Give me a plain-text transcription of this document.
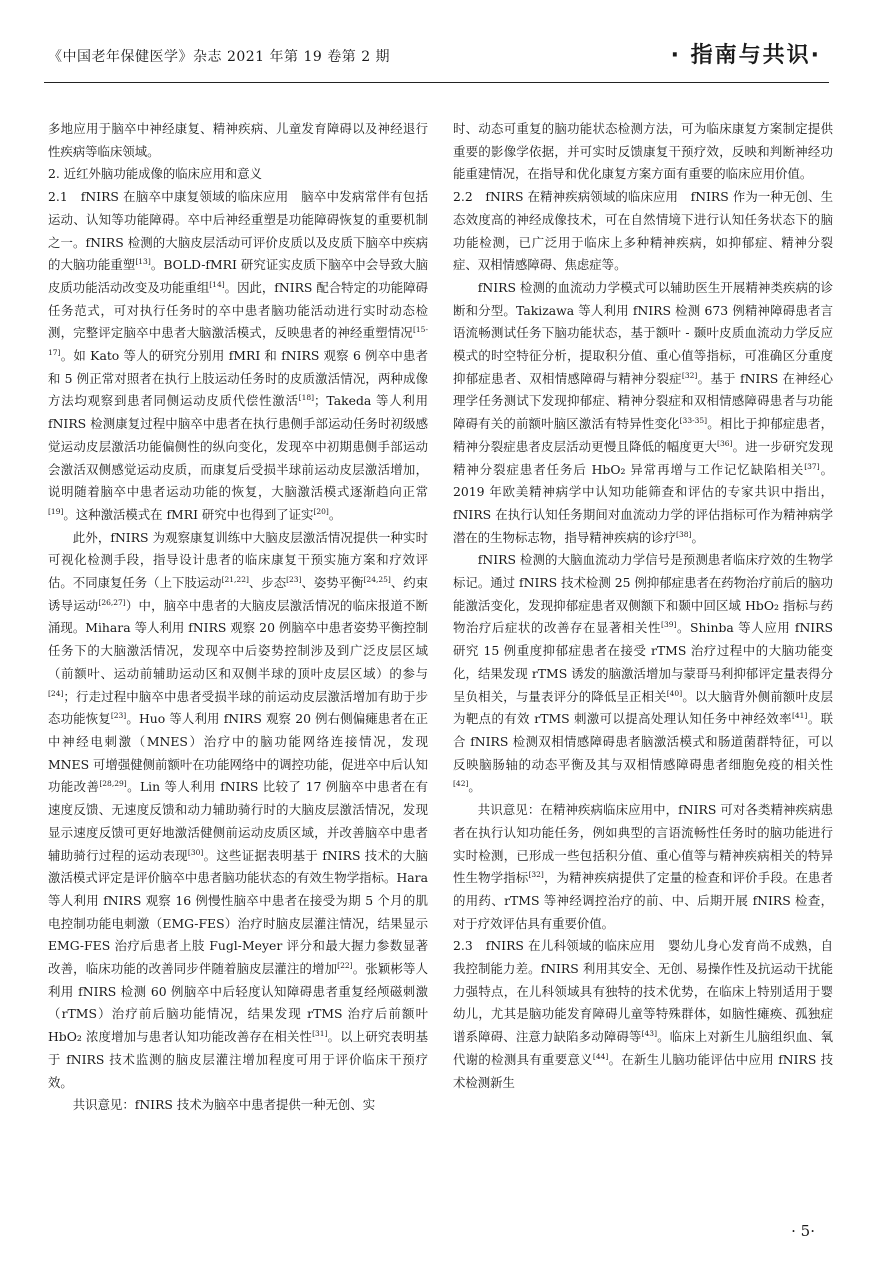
《中国老年保健医学》杂志 2021 年第 19 卷第 2 期	· 指南与共识·

多地应用于脑卒中神经康复、精神疾病、儿童发育障碍以及神经退行性疾病等临床领域。

2. 近红外脑功能成像的临床应用和意义

2.1　fNIRS 在脑卒中康复领域的临床应用　脑卒中发病常伴有包括运动、认知等功能障碍。卒中后神经重塑是功能障碍恢复的重要机制之一。fNIRS 检测的大脑皮层活动可评价皮质以及皮质下脑卒中疾病的大脑功能重塑[13]。BOLD-fMRI 研究证实皮质下脑卒中会导致大脑皮质功能活动改变及功能重组[14]。因此，fNIRS 配合特定的功能障碍任务范式，可对执行任务时的卒中患者脑功能活动进行实时动态检测，完整评定脑卒中患者大脑激活模式，反映患者的神经重塑情况[15-17]。如 Kato 等人的研究分别用 fMRI 和 fNIRS 观察 6 例卒中患者和 5 例正常对照者在执行上肢运动任务时的皮质激活情况，两种成像方法均观察到患者同侧运动皮质代偿性激活[18]；Takeda 等人利用 fNIRS 检测康复过程中脑卒中患者在执行患侧手部运动任务时初级感觉运动皮层激活功能偏侧性的纵向变化，发现卒中初期患侧手部运动会激活双侧感觉运动皮质，而康复后受损半球前运动皮层激活增加，说明随着脑卒中患者运动功能的恢复，大脑激活模式逐渐趋向正常[19]。这种激活模式在 fMRI 研究中也得到了证实[20]。

此外，fNIRS 为观察康复训练中大脑皮层激活情况提供一种实时可视化检测手段，指导设计患者的临床康复干预实施方案和疗效评估。不同康复任务（上下肢运动[21,22]、步态[23]、姿势平衡[24,25]、约束诱导运动[26,27]）中，脑卒中患者的大脑皮层激活情况的临床报道不断涌现。Mihara 等人利用 fNIRS 观察 20 例脑卒中患者姿势平衡控制任务下的大脑激活情况，发现卒中后姿势控制涉及到广泛皮层区域（前额叶、运动前辅助运动区和双侧半球的顶叶皮层区域）的参与[24]；行走过程中脑卒中患者受损半球的前运动皮层激活增加有助于步态功能恢复[23]。Huo 等人利用 fNIRS 观察 20 例右侧偏瘫患者在正中神经电刺激（MNES）治疗中的脑功能网络连接情况，发现 MNES 可增强健侧前额叶在功能网络中的调控功能，促进卒中后认知功能改善[28,29]。Lin 等人利用 fNIRS 比较了 17 例脑卒中患者在有速度反馈、无速度反馈和动力辅助骑行时的大脑皮层激活情况，发现显示速度反馈可更好地激活健侧前运动皮质区域，并改善脑卒中患者辅助骑行过程的运动表现[30]。这些证据表明基于 fNIRS 技术的大脑激活模式评定是评价脑卒中患者脑功能状态的有效生物学指标。Hara 等人利用 fNIRS 观察 16 例慢性脑卒中患者在接受为期 5 个月的肌电控制功能电刺激（EMG-FES）治疗时脑皮层灌注情况，结果显示 EMG-FES 治疗后患者上肢 Fugl-Meyer 评分和最大握力参数显著改善，临床功能的改善同步伴随着脑皮层灌注的增加[22]。张颖彬等人利用 fNIRS 检测 60 例脑卒中后轻度认知障碍患者重复经颅磁刺激（rTMS）治疗前后脑功能情况，结果发现 rTMS 治疗后前额叶 HbO₂ 浓度增加与患者认知功能改善存在相关性[31]。以上研究表明基于 fNIRS 技术监测的脑皮层灌注增加程度可用于评价临床干预疗效。

共识意见：fNIRS 技术为脑卒中患者提供一种无创、实

时、动态可重复的脑功能状态检测方法，可为临床康复方案制定提供重要的影像学依据，并可实时反馈康复干预疗效，反映和判断神经功能重建情况，在指导和优化康复方案方面有重要的临床应用价值。

2.2　fNIRS 在精神疾病领域的临床应用　fNIRS 作为一种无创、生态效度高的神经成像技术，可在自然情境下进行认知任务状态下的脑功能检测，已广泛用于临床上多种精神疾病，如抑郁症、精神分裂症、双相情感障碍、焦虑症等。

fNIRS 检测的血流动力学模式可以辅助医生开展精神类疾病的诊断和分型。Takizawa 等人利用 fNIRS 检测 673 例精神障碍患者言语流畅测试任务下脑功能状态，基于额叶 - 颞叶皮质血流动力学反应模式的时空特征分析，提取积分值、重心值等指标，可准确区分重度抑郁症患者、双相情感障碍与精神分裂症[32]。基于 fNIRS 在神经心理学任务测试下发现抑郁症、精神分裂症和双相情感障碍患者与功能障碍有关的前额叶脑区激活有特异性变化[33-35]。相比于抑郁症患者，精神分裂症患者皮层活动更慢且降低的幅度更大[36]。进一步研究发现精神分裂症患者任务后 HbO₂ 异常再增与工作记忆缺陷相关[37]。2019 年欧美精神病学中认知功能筛查和评估的专家共识中指出，fNIRS 在执行认知任务期间对血流动力学的评估指标可作为精神病学潜在的生物标志物，指导精神疾病的诊疗[38]。

fNIRS 检测的大脑血流动力学信号是预测患者临床疗效的生物学标记。通过 fNIRS 技术检测 25 例抑郁症患者在药物治疗前后的脑功能激活变化，发现抑郁症患者双侧额下和颞中回区域 HbO₂ 指标与药物治疗后症状的改善存在显著相关性[39]。Shinba 等人应用 fNIRS 研究 15 例重度抑郁症患者在接受 rTMS 治疗过程中的大脑功能变化，结果发现 rTMS 诱发的脑激活增加与蒙哥马利抑郁评定量表得分呈负相关，与量表评分的降低呈正相关[40]。以大脑背外侧前额叶皮层为靶点的有效 rTMS 刺激可以提高处理认知任务中神经效率[41]。联合 fNIRS 检测双相情感障碍患者脑激活模式和肠道菌群特征，可以反映脑肠轴的动态平衡及其与双相情感障碍患者细胞免疫的相关性[42]。

共识意见：在精神疾病临床应用中，fNIRS 可对各类精神疾病患者在执行认知功能任务，例如典型的言语流畅性任务时的脑功能进行实时检测，已形成一些包括积分值、重心值等与精神疾病相关的特异性生物学指标[32]，为精神疾病提供了定量的检查和评价手段。在患者的用药、rTMS 等神经调控治疗的前、中、后期开展 fNIRS 检查，对于疗效评估具有重要价值。

2.3　fNIRS 在儿科领域的临床应用　婴幼儿身心发育尚不成熟，自我控制能力差。fNIRS 利用其安全、无创、易操作性及抗运动干扰能力强特点，在儿科领域具有独特的技术优势，在临床上特别适用于婴幼儿，尤其是脑功能发育障碍儿童等特殊群体，如脑性瘫痪、孤独症谱系障碍、注意力缺陷多动障碍等[43]。临床上对新生儿脑组织血、氧代谢的检测具有重要意义[44]。在新生儿脑功能评估中应用 fNIRS 技术检测新生

· 5·
